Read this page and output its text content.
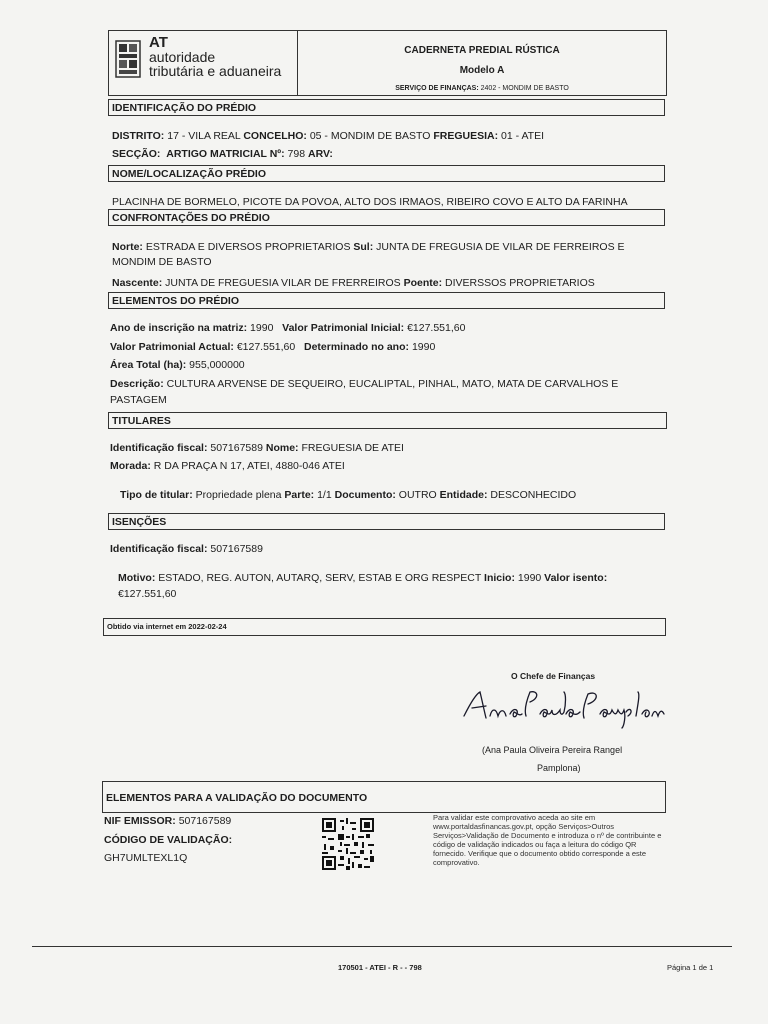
AT
autoridade
tributária e aduaneira
CADERNETA PREDIAL RÚSTICA
Modelo A
SERVIÇO DE FINANÇAS: 2402 - MONDIM DE BASTO
IDENTIFICAÇÃO DO PRÉDIO
DISTRITO: 17 - VILA REAL CONCELHO: 05 - MONDIM DE BASTO FREGUESIA: 01 - ATEI
SECÇÃO: ARTIGO MATRICIAL Nº: 798 ARV:
NOME/LOCALIZAÇÃO PRÉDIO
PLACINHA DE BORMELO, PICOTE DA POVOA, ALTO DOS IRMAOS, RIBEIRO COVO E ALTO DA FARINHA
CONFRONTAÇÕES DO PRÉDIO
Norte: ESTRADA E DIVERSOS PROPRIETARIOS Sul: JUNTA DE FREGUSIA DE VILAR DE FERREIROS E
MONDIM DE BASTO
Nascente: JUNTA DE FREGUESIA VILAR DE FRERREIROS Poente: DIVERSSOS PROPRIETARIOS
ELEMENTOS DO PRÉDIO
Ano de inscrição na matriz: 1990 Valor Patrimonial Inicial: €127.551,60
Valor Patrimonial Actual: €127.551,60 Determinado no ano: 1990
Área Total (ha): 955,000000
Descrição: CULTURA ARVENSE DE SEQUEIRO, EUCALIPTAL, PINHAL, MATO, MATA DE CARVALHOS E
PASTAGEM
TITULARES
Identificação fiscal: 507167589 Nome: FREGUESIA DE ATEI
Morada: R DA PRAÇA N 17, ATEI, 4880-046 ATEI
Tipo de titular: Propriedade plena Parte: 1/1 Documento: OUTRO Entidade: DESCONHECIDO
ISENÇÕES
Identificação fiscal: 507167589
Motivo: ESTADO, REG. AUTON, AUTARQ, SERV, ESTAB E ORG RESPECT Inicio: 1990 Valor isento:
€127.551,60
Obtido via internet em 2022-02-24
O Chefe de Finanças
(Ana Paula Oliveira Pereira Rangel
Pamplona)
ELEMENTOS PARA A VALIDAÇÃO DO DOCUMENTO
NIF EMISSOR: 507167589
CÓDIGO DE VALIDAÇÃO:
GH7UMLTEXL1Q
Para validar este comprovativo aceda ao site em www.portaldasfinancas.gov.pt, opção Serviços>Outros Serviços>Validação de Documento e introduza o nº de contribuinte e código de validação indicados ou faça a leitura do código QR fornecido. Verifique que o documento obtido corresponde a este comprovativo.
170501 - ATEI - R - - 798	Página 1 de 1
